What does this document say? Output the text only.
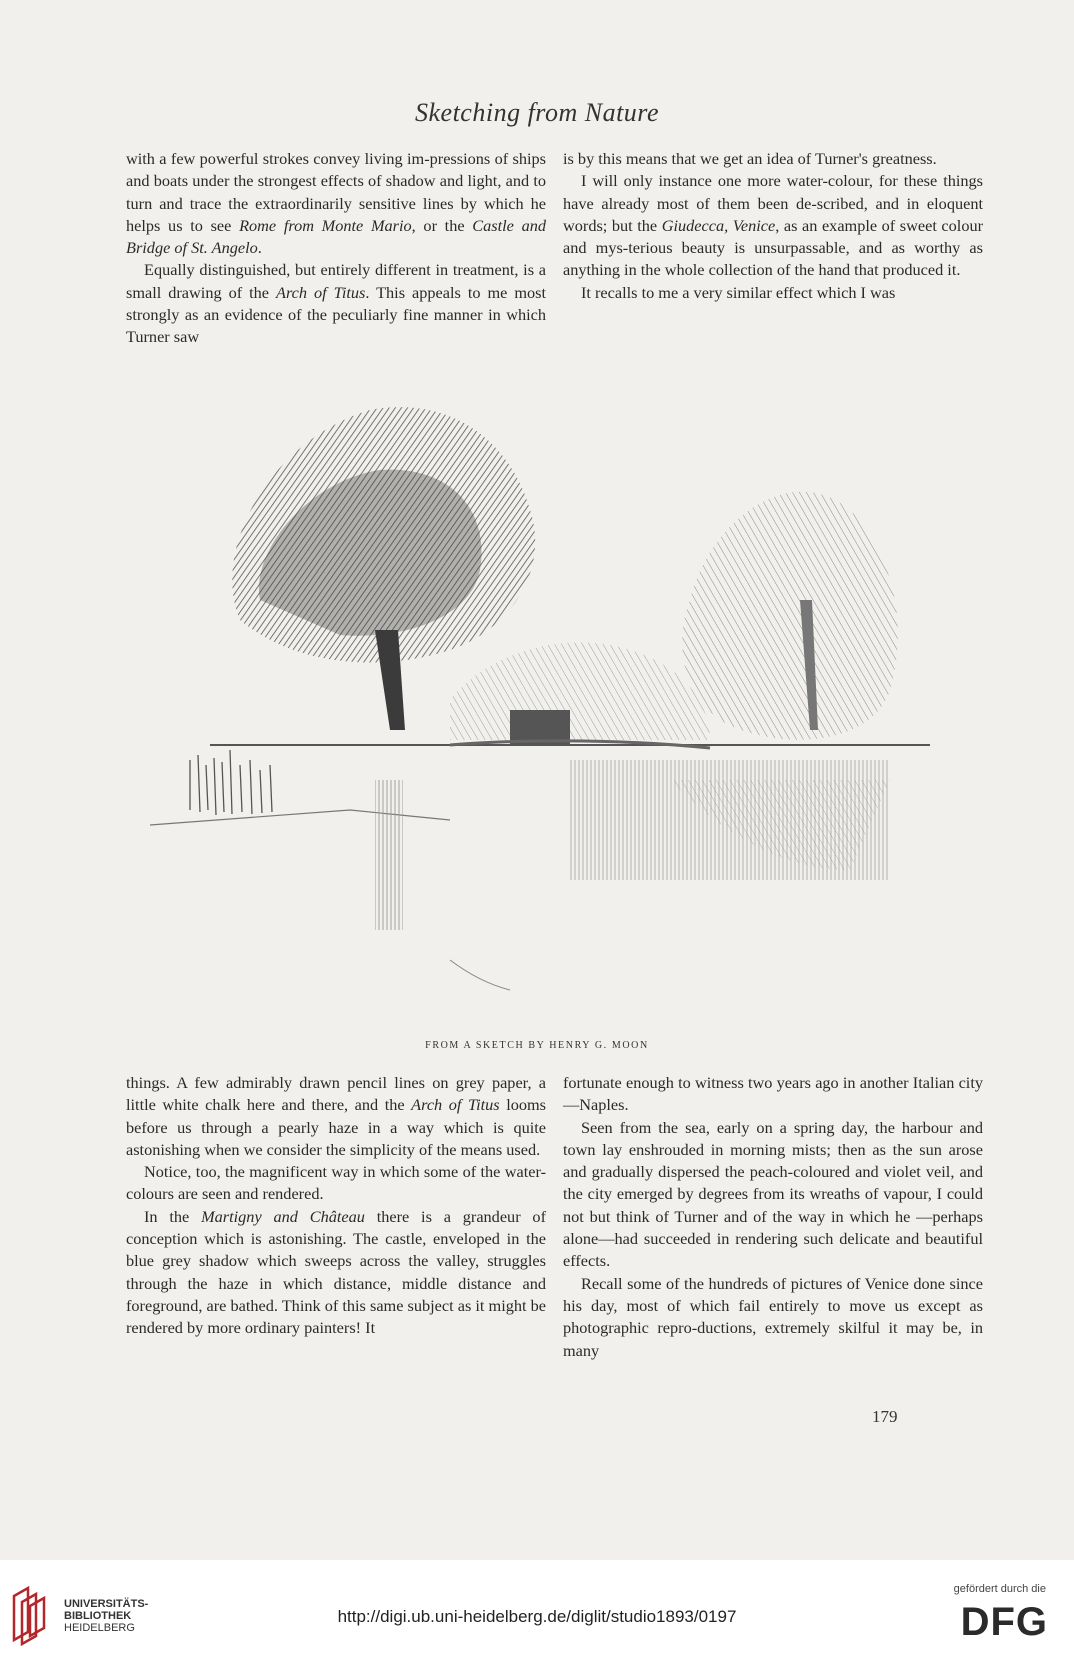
Sketching from Nature

with a few powerful strokes convey living im-pressions of ships and boats under the strongest effects of shadow and light, and to turn and trace the extraordinarily sensitive lines by which he helps us to see Rome from Monte Mario, or the Castle and Bridge of St. Angelo.

Equally distinguished, but entirely different in treatment, is a small drawing of the Arch of Titus. This appeals to me most strongly as an evidence of the peculiarly fine manner in which Turner saw

is by this means that we get an idea of Turner's greatness.

I will only instance one more water-colour, for these things have already most of them been de-scribed, and in eloquent words; but the Giudecca, Venice, as an example of sweet colour and mys-terious beauty is unsurpassable, and as worthy as anything in the whole collection of the hand that produced it.

It recalls to me a very similar effect which I was

FROM A SKETCH BY HENRY G. MOON

things. A few admirably drawn pencil lines on grey paper, a little white chalk here and there, and the Arch of Titus looms before us through a pearly haze in a way which is quite astonishing when we consider the simplicity of the means used.

Notice, too, the magnificent way in which some of the water-colours are seen and rendered.

In the Martigny and Château there is a grandeur of conception which is astonishing. The castle, enveloped in the blue grey shadow which sweeps across the valley, struggles through the haze in which distance, middle distance and foreground, are bathed. Think of this same subject as it might be rendered by more ordinary painters! It

fortunate enough to witness two years ago in another Italian city—Naples.

Seen from the sea, early on a spring day, the harbour and town lay enshrouded in morning mists; then as the sun arose and gradually dispersed the peach-coloured and violet veil, and the city emerged by degrees from its wreaths of vapour, I could not but think of Turner and of the way in which he —perhaps alone—had succeeded in rendering such delicate and beautiful effects.

Recall some of the hundreds of pictures of Venice done since his day, most of which fail entirely to move us except as photographic repro-ductions, extremely skilful it may be, in many

179
UNIVERSITÄTS-
BIBLIOTHEK
HEIDELBERG
http://digi.ub.uni-heidelberg.de/diglit/studio1893/0197
gefördert durch die
DFG
